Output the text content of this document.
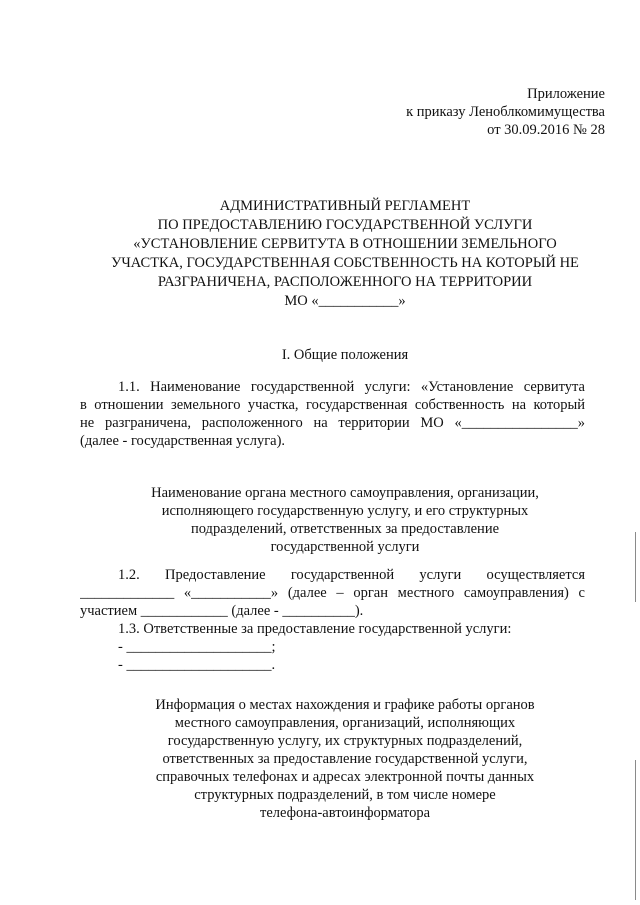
Приложение
к приказу Леноблкомимущества
от 30.09.2016 № 28
АДМИНИСТРАТИВНЫЙ РЕГЛАМЕНТ
ПО ПРЕДОСТАВЛЕНИЮ ГОСУДАРСТВЕННОЙ УСЛУГИ
«УСТАНОВЛЕНИЕ СЕРВИТУТА В ОТНОШЕНИИ ЗЕМЕЛЬНОГО
УЧАСТКА, ГОСУДАРСТВЕННАЯ СОБСТВЕННОСТЬ НА КОТОРЫЙ НЕ
РАЗГРАНИЧЕНА, РАСПОЛОЖЕННОГО НА ТЕРРИТОРИИ
МО «___________»
I. Общие положения
1.1. Наименование государственной услуги: «Установление сервитута
в отношении земельного участка, государственная собственность на который
не разграничена, расположенного на территории МО «________________»
(далее - государственная услуга).
Наименование органа местного самоуправления, организации,
исполняющего государственную услугу, и его структурных
подразделений, ответственных за предоставление
государственной услуги
1.2. Предоставление государственной услуги осуществляется
_____________ «___________» (далее – орган местного самоуправления) с
участием ____________ (далее - __________).
1.3. Ответственные за предоставление государственной услуги:
- ____________________;
- ____________________.
Информация о местах нахождения и графике работы органов
местного самоуправления, организаций, исполняющих
государственную услугу, их структурных подразделений,
ответственных за предоставление государственной услуги,
справочных телефонах и адресах электронной почты данных
структурных подразделений, в том числе номере
телефона-автоинформатора
